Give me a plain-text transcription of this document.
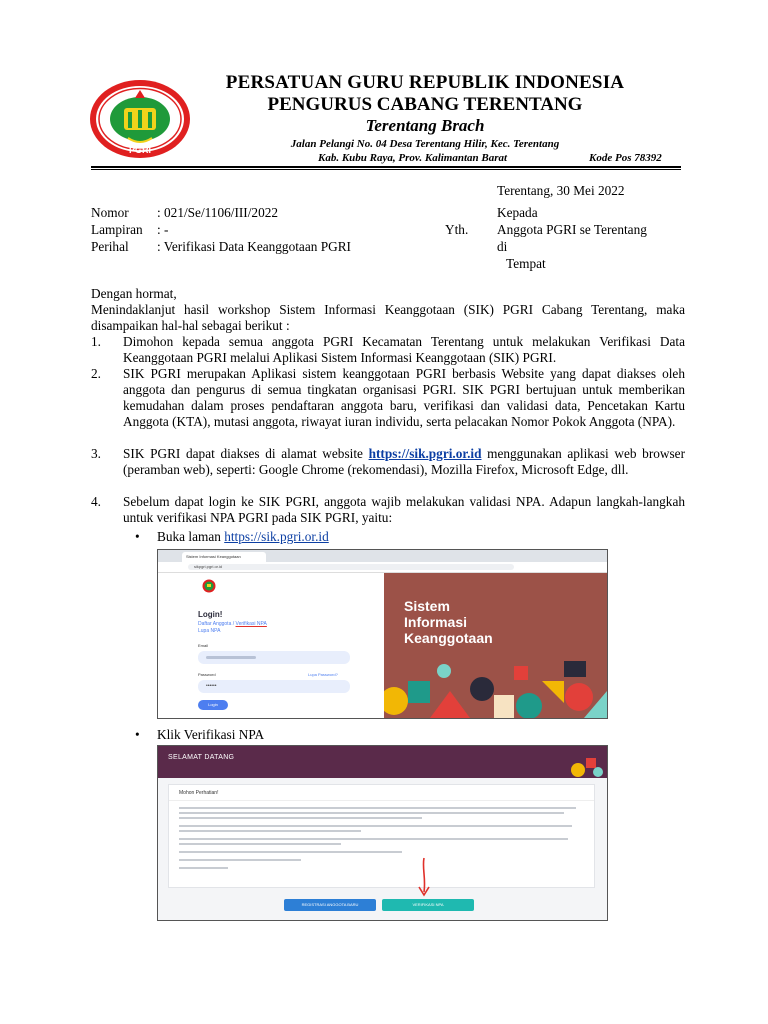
PGRI
PERSATUAN GURU REPUBLIK INDONESIA
PENGURUS CABANG TERENTANG
Terentang Brach
Jalan Pelangi No. 04 Desa Terentang Hilir, Kec. Terentang
Kab. Kubu Raya, Prov. Kalimantan Barat	Kode Pos 78392
Terentang, 30 Mei 2022
Nomor : 021/Se/1106/III/2022
Lampiran : -
Perihal : Verifikasi Data Keanggotaan PGRI
Kepada
Yth. Anggota PGRI se Terentang
di
Tempat
Dengan hormat,
Menindaklanjut hasil workshop Sistem Informasi Keanggotaan (SIK) PGRI Cabang Terentang, maka disampaikan hal-hal sebagai berikut :
1. Dimohon kepada semua anggota PGRI Kecamatan Terentang untuk melakukan Verifikasi Data Keanggotaan PGRI melalui Aplikasi Sistem Informasi Keanggotaan (SIK) PGRI.
2. SIK PGRI merupakan Aplikasi sistem keanggotaan PGRI berbasis Website yang dapat diakses oleh anggota dan pengurus di semua tingkatan organisasi PGRI. SIK PGRI bertujuan untuk memberikan kemudahan dalam proses pendaftaran anggota baru, verifikasi dan validasi data, Pencetakan Kartu Anggota (KTA), mutasi anggota, riwayat iuran individu, serta pelacakan Nomor Pokok Anggota (NPA).
3. SIK PGRI dapat diakses di alamat website https://sik.pgri.or.id menggunakan aplikasi web browser (peramban web), seperti: Google Chrome (rekomendasi), Mozilla Firefox, Microsoft Edge, dll.
4. Sebelum dapat login ke SIK PGRI, anggota wajib melakukan validasi NPA. Adapun langkah-langkah untuk verifikasi NPA PGRI pada SIK PGRI, yaitu:
• Buka laman https://sik.pgri.or.id
Sistem Informasi Keanggotaan
sikpgri.pgri.or.id
Login!
Daftar Anggota / Verifikasi NPA
Lupa NPA
Email
Password	Lupa Password?
••••••
Login
Sistem
Informasi
Keanggotaan
• Klik Verifikasi NPA
SELAMAT DATANG
Mohon Perhatian!
REGISTRASI ANGGOTA BARU	VERIFIKASI NPA
